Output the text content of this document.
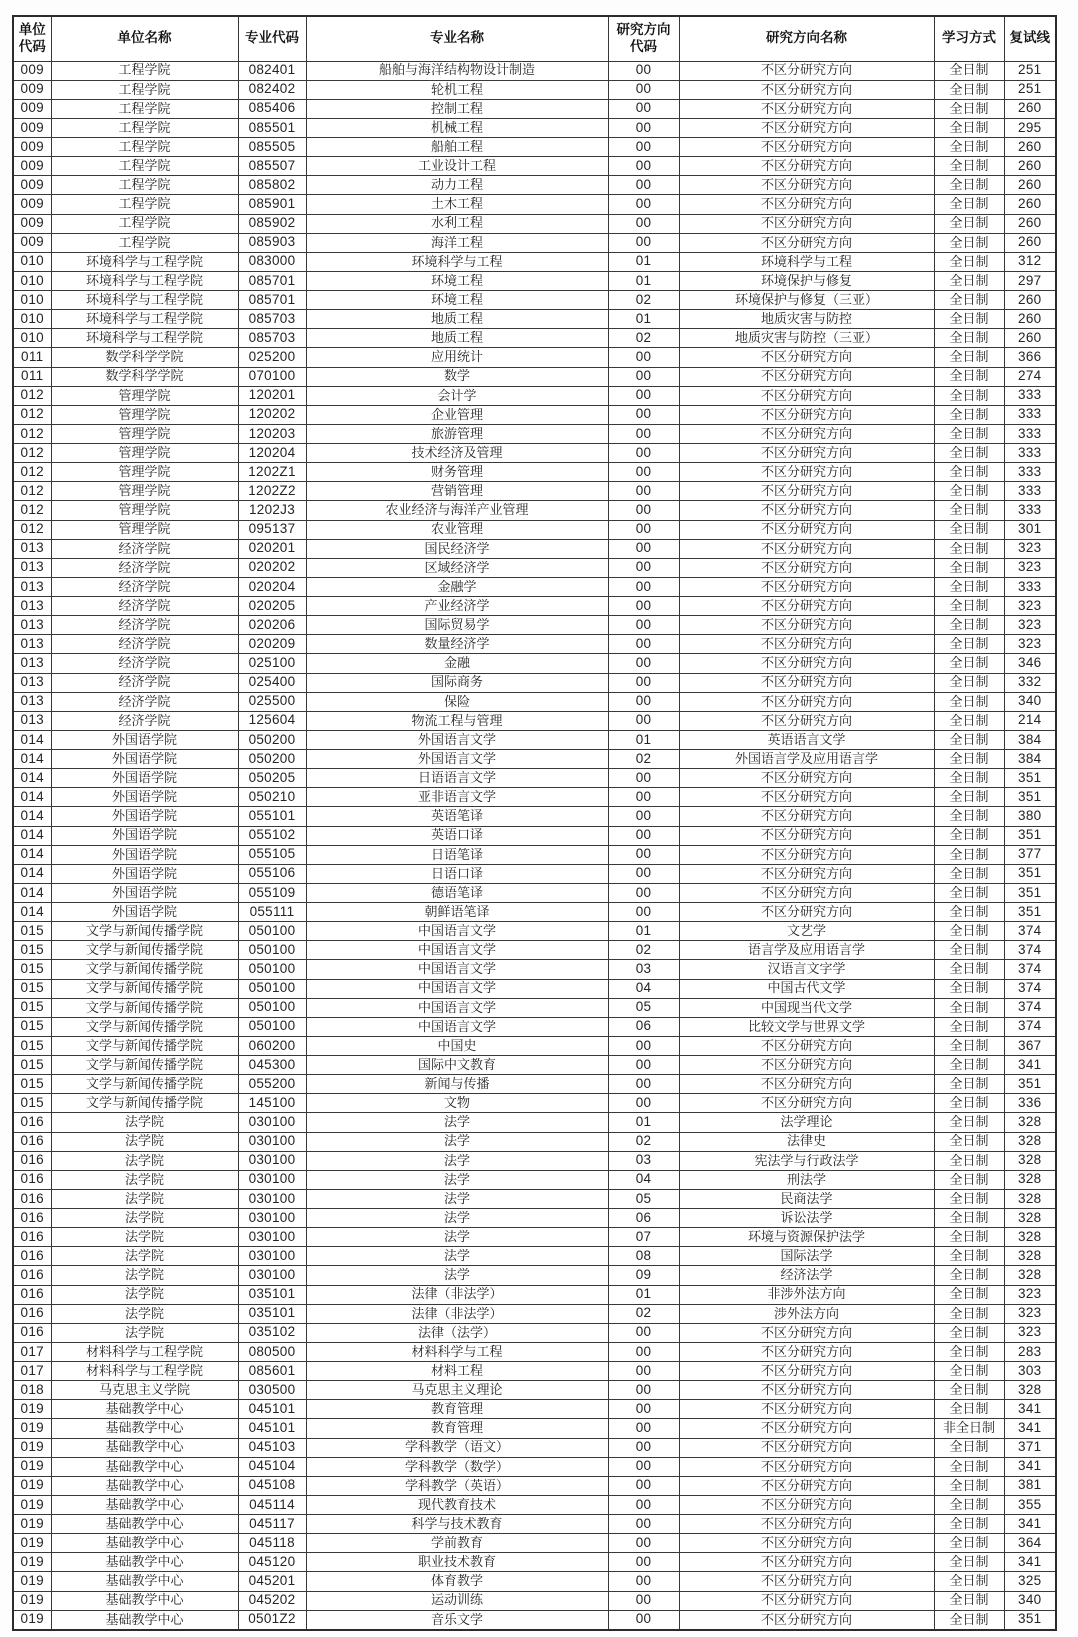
单位代码	单位名称	专业代码	专业名称	研究方向代码	研究方向名称	学习方式	复试线
009	工程学院	082401	船舶与海洋结构物设计制造	00	不区分研究方向	全日制	251
009	工程学院	082402	轮机工程	00	不区分研究方向	全日制	251
009	工程学院	085406	控制工程	00	不区分研究方向	全日制	260
009	工程学院	085501	机械工程	00	不区分研究方向	全日制	295
009	工程学院	085505	船舶工程	00	不区分研究方向	全日制	260
009	工程学院	085507	工业设计工程	00	不区分研究方向	全日制	260
009	工程学院	085802	动力工程	00	不区分研究方向	全日制	260
009	工程学院	085901	土木工程	00	不区分研究方向	全日制	260
009	工程学院	085902	水利工程	00	不区分研究方向	全日制	260
009	工程学院	085903	海洋工程	00	不区分研究方向	全日制	260
010	环境科学与工程学院	083000	环境科学与工程	01	环境科学与工程	全日制	312
010	环境科学与工程学院	085701	环境工程	01	环境保护与修复	全日制	297
010	环境科学与工程学院	085701	环境工程	02	环境保护与修复（三亚）	全日制	260
010	环境科学与工程学院	085703	地质工程	01	地质灾害与防控	全日制	260
010	环境科学与工程学院	085703	地质工程	02	地质灾害与防控（三亚）	全日制	260
011	数学科学学院	025200	应用统计	00	不区分研究方向	全日制	366
011	数学科学学院	070100	数学	00	不区分研究方向	全日制	274
012	管理学院	120201	会计学	00	不区分研究方向	全日制	333
012	管理学院	120202	企业管理	00	不区分研究方向	全日制	333
012	管理学院	120203	旅游管理	00	不区分研究方向	全日制	333
012	管理学院	120204	技术经济及管理	00	不区分研究方向	全日制	333
012	管理学院	1202Z1	财务管理	00	不区分研究方向	全日制	333
012	管理学院	1202Z2	营销管理	00	不区分研究方向	全日制	333
012	管理学院	1202J3	农业经济与海洋产业管理	00	不区分研究方向	全日制	333
012	管理学院	095137	农业管理	00	不区分研究方向	全日制	301
013	经济学院	020201	国民经济学	00	不区分研究方向	全日制	323
013	经济学院	020202	区域经济学	00	不区分研究方向	全日制	323
013	经济学院	020204	金融学	00	不区分研究方向	全日制	333
013	经济学院	020205	产业经济学	00	不区分研究方向	全日制	323
013	经济学院	020206	国际贸易学	00	不区分研究方向	全日制	323
013	经济学院	020209	数量经济学	00	不区分研究方向	全日制	323
013	经济学院	025100	金融	00	不区分研究方向	全日制	346
013	经济学院	025400	国际商务	00	不区分研究方向	全日制	332
013	经济学院	025500	保险	00	不区分研究方向	全日制	340
013	经济学院	125604	物流工程与管理	00	不区分研究方向	全日制	214
014	外国语学院	050200	外国语言文学	01	英语语言文学	全日制	384
014	外国语学院	050200	外国语言文学	02	外国语言学及应用语言学	全日制	384
014	外国语学院	050205	日语语言文学	00	不区分研究方向	全日制	351
014	外国语学院	050210	亚非语言文学	00	不区分研究方向	全日制	351
014	外国语学院	055101	英语笔译	00	不区分研究方向	全日制	380
014	外国语学院	055102	英语口译	00	不区分研究方向	全日制	351
014	外国语学院	055105	日语笔译	00	不区分研究方向	全日制	377
014	外国语学院	055106	日语口译	00	不区分研究方向	全日制	351
014	外国语学院	055109	德语笔译	00	不区分研究方向	全日制	351
014	外国语学院	055111	朝鲜语笔译	00	不区分研究方向	全日制	351
015	文学与新闻传播学院	050100	中国语言文学	01	文艺学	全日制	374
015	文学与新闻传播学院	050100	中国语言文学	02	语言学及应用语言学	全日制	374
015	文学与新闻传播学院	050100	中国语言文学	03	汉语言文字学	全日制	374
015	文学与新闻传播学院	050100	中国语言文学	04	中国古代文学	全日制	374
015	文学与新闻传播学院	050100	中国语言文学	05	中国现当代文学	全日制	374
015	文学与新闻传播学院	050100	中国语言文学	06	比较文学与世界文学	全日制	374
015	文学与新闻传播学院	060200	中国史	00	不区分研究方向	全日制	367
015	文学与新闻传播学院	045300	国际中文教育	00	不区分研究方向	全日制	341
015	文学与新闻传播学院	055200	新闻与传播	00	不区分研究方向	全日制	351
015	文学与新闻传播学院	145100	文物	00	不区分研究方向	全日制	336
016	法学院	030100	法学	01	法学理论	全日制	328
016	法学院	030100	法学	02	法律史	全日制	328
016	法学院	030100	法学	03	宪法学与行政法学	全日制	328
016	法学院	030100	法学	04	刑法学	全日制	328
016	法学院	030100	法学	05	民商法学	全日制	328
016	法学院	030100	法学	06	诉讼法学	全日制	328
016	法学院	030100	法学	07	环境与资源保护法学	全日制	328
016	法学院	030100	法学	08	国际法学	全日制	328
016	法学院	030100	法学	09	经济法学	全日制	328
016	法学院	035101	法律（非法学）	01	非涉外法方向	全日制	323
016	法学院	035101	法律（非法学）	02	涉外法方向	全日制	323
016	法学院	035102	法律（法学）	00	不区分研究方向	全日制	323
017	材料科学与工程学院	080500	材料科学与工程	00	不区分研究方向	全日制	283
017	材料科学与工程学院	085601	材料工程	00	不区分研究方向	全日制	303
018	马克思主义学院	030500	马克思主义理论	00	不区分研究方向	全日制	328
019	基础教学中心	045101	教育管理	00	不区分研究方向	全日制	341
019	基础教学中心	045101	教育管理	00	不区分研究方向	非全日制	341
019	基础教学中心	045103	学科教学（语文）	00	不区分研究方向	全日制	371
019	基础教学中心	045104	学科教学（数学）	00	不区分研究方向	全日制	341
019	基础教学中心	045108	学科教学（英语）	00	不区分研究方向	全日制	381
019	基础教学中心	045114	现代教育技术	00	不区分研究方向	全日制	355
019	基础教学中心	045117	科学与技术教育	00	不区分研究方向	全日制	341
019	基础教学中心	045118	学前教育	00	不区分研究方向	全日制	364
019	基础教学中心	045120	职业技术教育	00	不区分研究方向	全日制	341
019	基础教学中心	045201	体育教学	00	不区分研究方向	全日制	325
019	基础教学中心	045202	运动训练	00	不区分研究方向	全日制	340
019	基础教学中心	0501Z2	音乐文学	00	不区分研究方向	全日制	351
